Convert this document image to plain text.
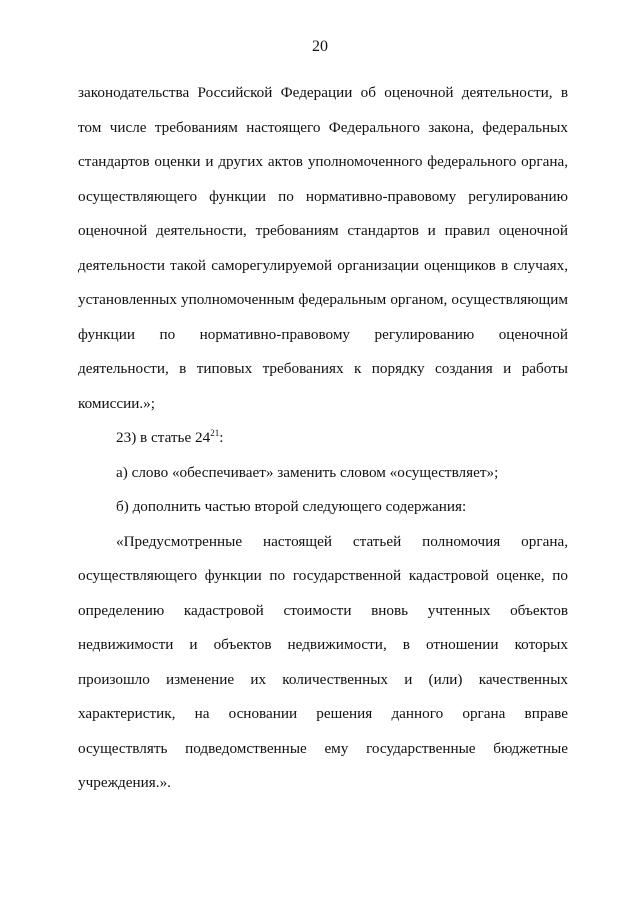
20

законодательства Российской Федерации об оценочной деятельности, в

том числе требованиям настоящего Федерального закона, федеральных

стандартов оценки и других актов уполномоченного федерального органа,

осуществляющего функции по нормативно-правовому регулированию

оценочной деятельности, требованиям стандартов и правил оценочной

деятельности такой саморегулируемой организации оценщиков в случаях,

установленных уполномоченным федеральным органом, осуществляющим

функции по нормативно-правовому регулированию оценочной

деятельности, в типовых требованиях к порядку создания и работы

комиссии.»;

23) в статье $24^{21}$:

а) слово «обеспечивает» заменить словом «осуществляет»;

б) дополнить частью второй следующего содержания:

«Предусмотренные настоящей статьей полномочия органа,

осуществляющего функции по государственной кадастровой оценке, по

определению кадастровой стоимости вновь учтенных объектов

недвижимости и объектов недвижимости, в отношении которых

произошло изменение их количественных и (или) качественных

характеристик, на основании решения данного органа вправе

осуществлять подведомственные ему государственные бюджетные

учреждения.».
